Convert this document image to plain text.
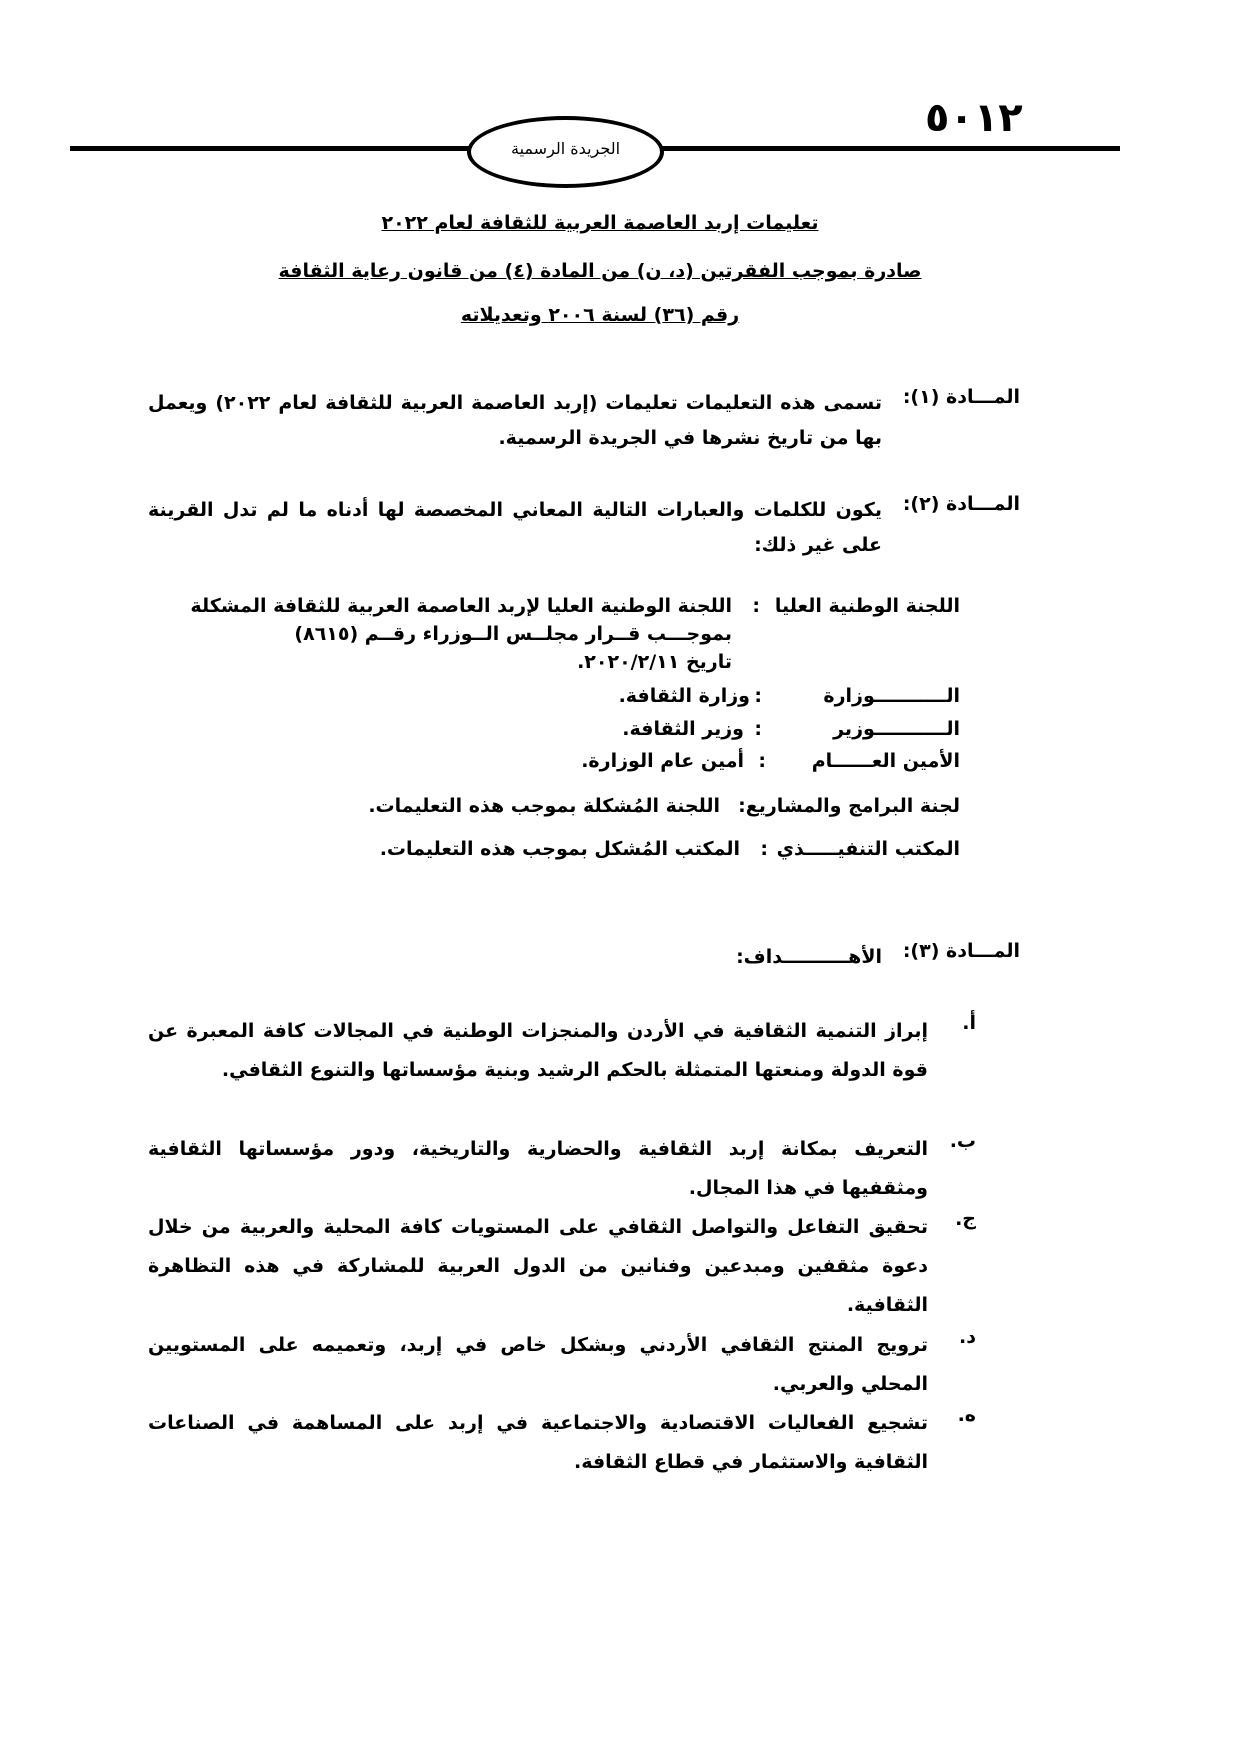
٥٠١٢
الجريدة الرسمية
تعليمات إربد العاصمة العربية للثقافة لعام ٢٠٢٢
صادرة بموجب الفقرتين (د، ن) من المادة (٤) من قانون رعاية الثقافة
رقم (٣٦) لسنة ٢٠٠٦ وتعديلاته
المـــادة (١):
تسمى هذه التعليمات تعليمات (إربد العاصمة العربية للثقافة لعام ٢٠٢٢) ويعمل بها من تاريخ نشرها في الجريدة الرسمية.
المـــادة (٢):
يكون للكلمات والعبارات التالية المعاني المخصصة لها أدناه ما لم تدل القرينة على غير ذلك:
اللجنة الوطنية العليا
:
اللجنة الوطنية العليا لإربد العاصمة العربية للثقافة المشكلة
بموجـــب قــرار مجلــس الــوزراء رقــم (٨٦١٥)
تاريخ ٢٠٢٠/٢/١١.
الـــــــــــوزارة
:
وزارة الثقافة.
الـــــــــــوزير
:
وزير الثقافة.
الأمين العــــــام
:
أمين عام الوزارة.
لجنة البرامج والمشاريع:
اللجنة المُشكلة بموجب هذه التعليمات.
المكتب التنفيـــــذي
:
المكتب المُشكل بموجب هذه التعليمات.
المـــادة (٣):
الأهــــــــــداف:
أ.
إبراز التنمية الثقافية في الأردن والمنجزات الوطنية في المجالات كافة المعبرة عن قوة الدولة ومنعتها المتمثلة بالحكم الرشيد وبنية مؤسساتها والتنوع الثقافي.
ب.
التعريف بمكانة إربد الثقافية والحضارية والتاريخية، ودور مؤسساتها الثقافية ومثقفيها في هذا المجال.
ج.
تحقيق التفاعل والتواصل الثقافي على المستويات كافة المحلية والعربية من خلال دعوة مثقفين ومبدعين وفنانين من الدول العربية للمشاركة في هذه التظاهرة الثقافية.
د.
ترويج المنتج الثقافي الأردني وبشكل خاص في إربد، وتعميمه على المستويين المحلي والعربي.
ه.
تشجيع الفعاليات الاقتصادية والاجتماعية في إربد على المساهمة في الصناعات الثقافية والاستثمار في قطاع الثقافة.
